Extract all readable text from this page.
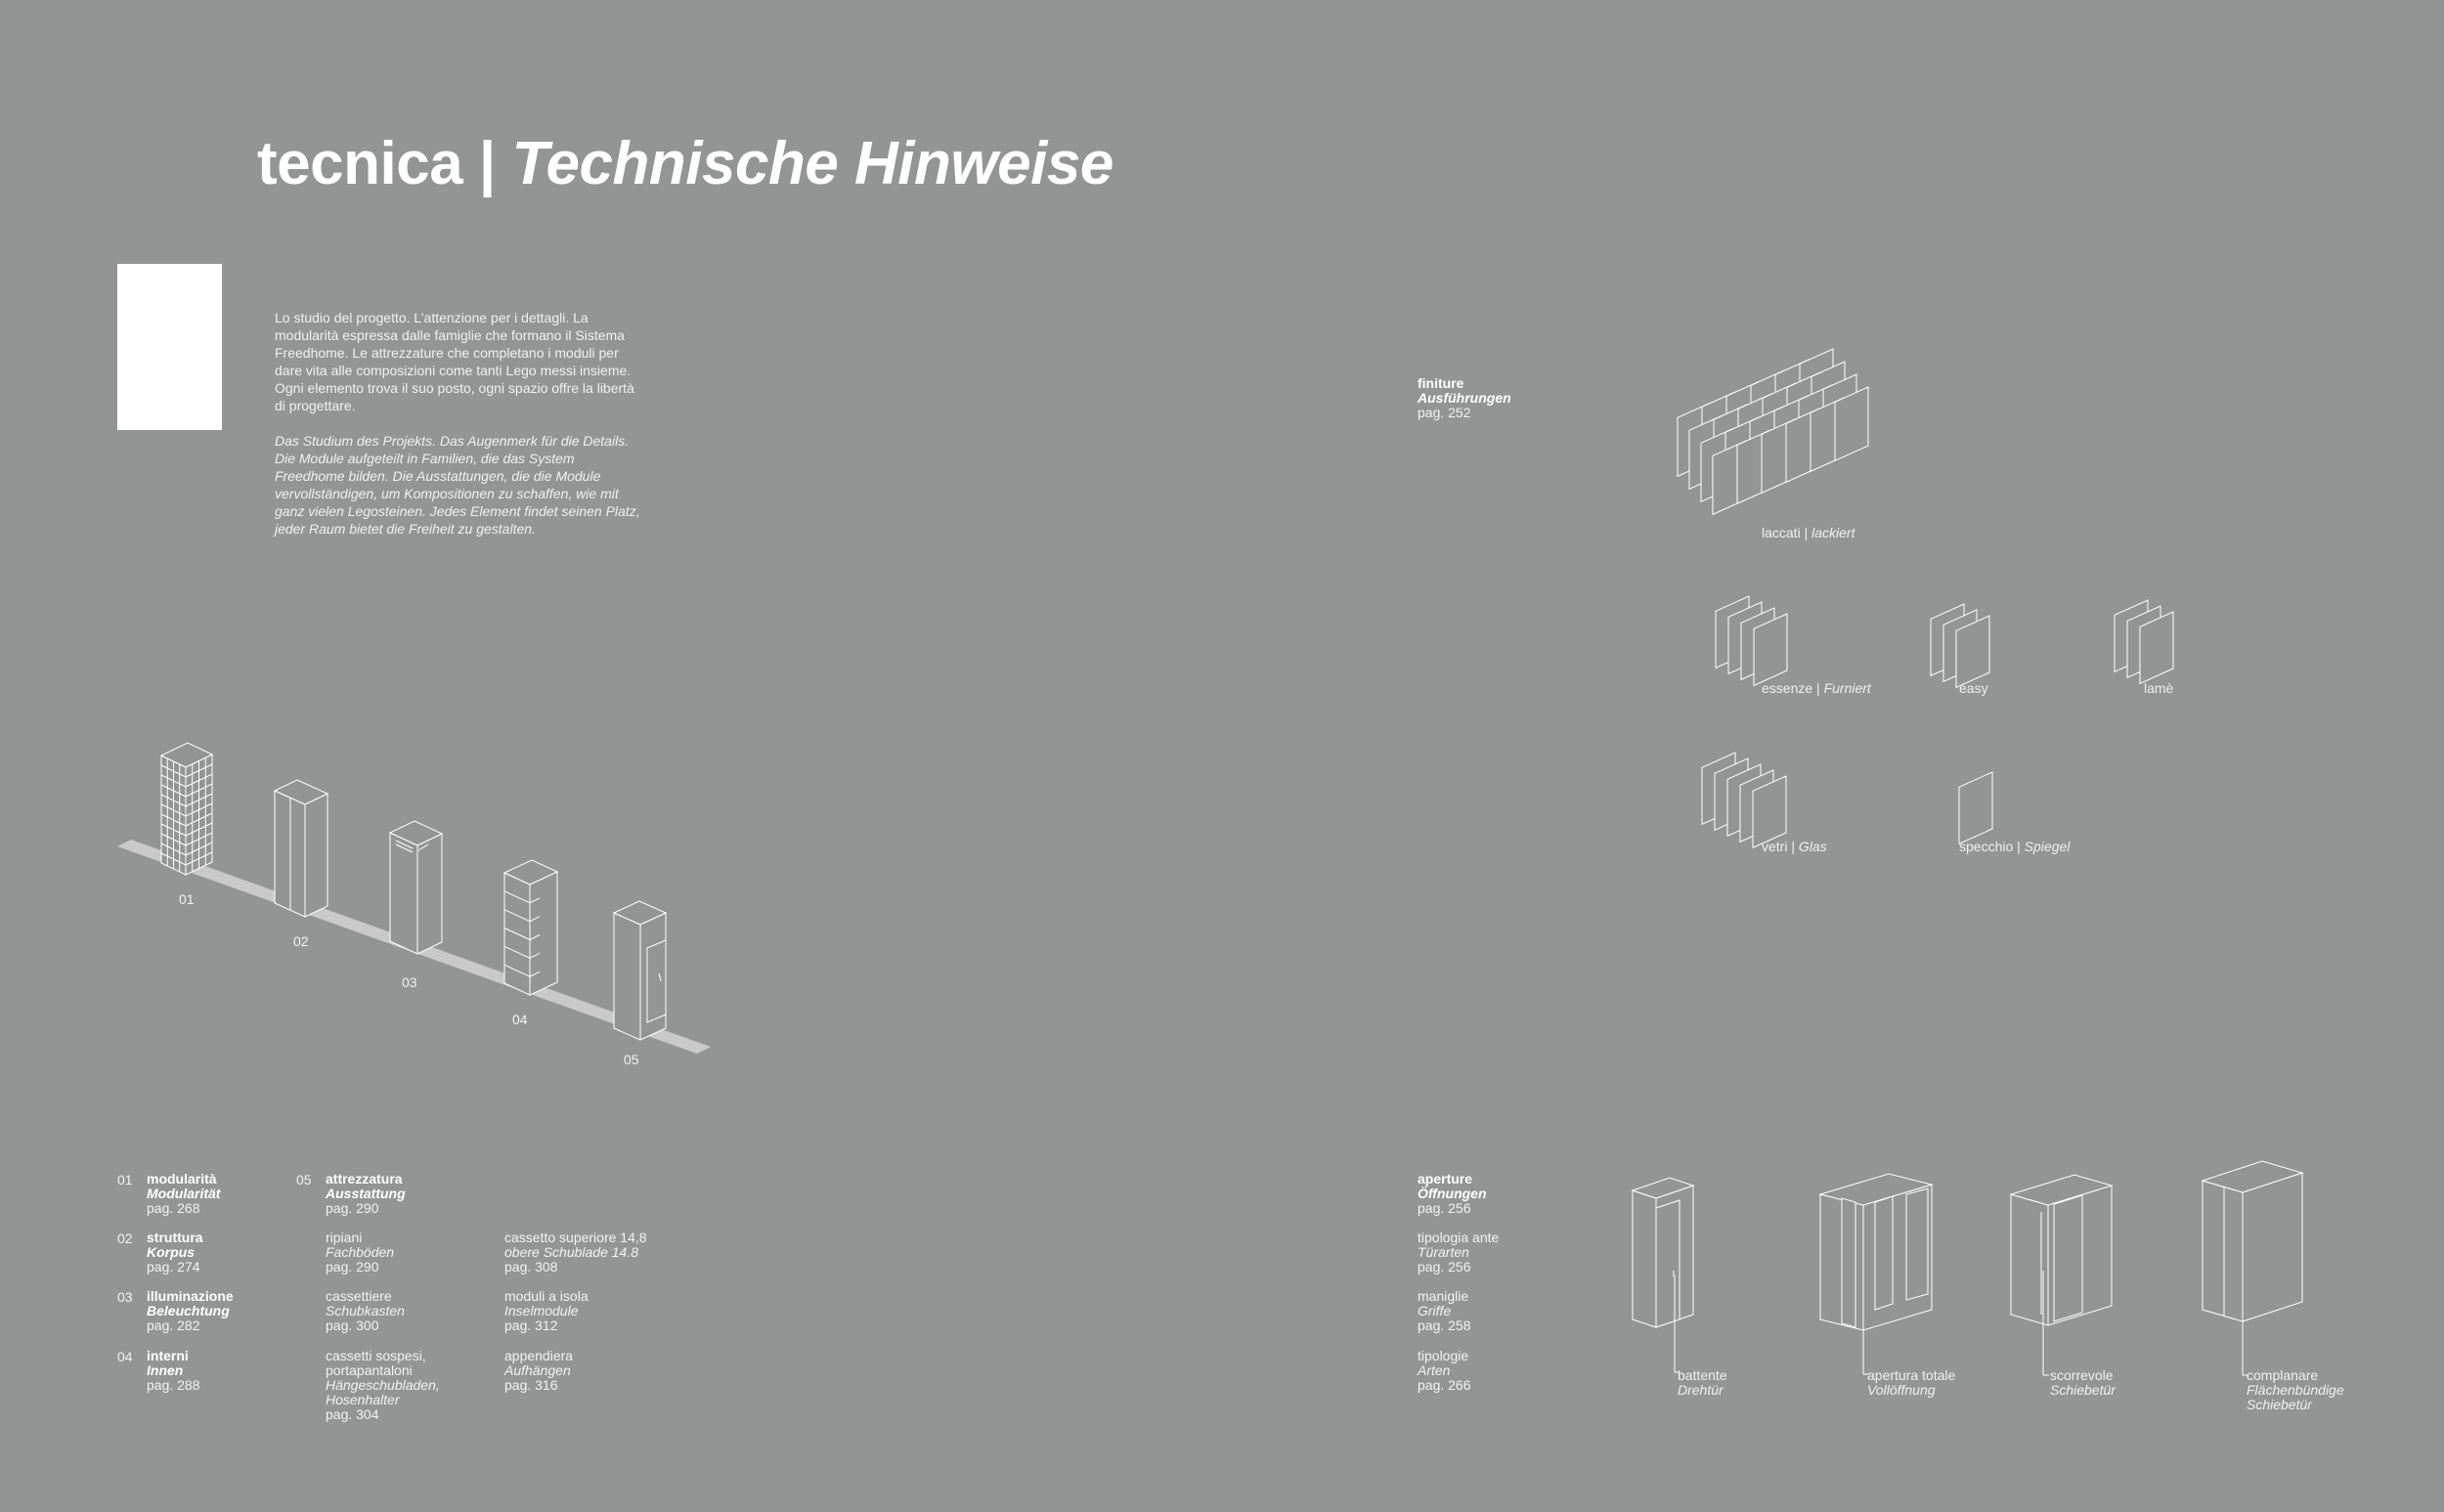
tecnica | Technische Hinweise

Lo studio del progetto. L’attenzione per i dettagli. La modularità espressa dalle famiglie che formano il Sistema Freedhome. Le attrezzature che completano i moduli per dare vita alle composizioni come tanti Lego messi insieme. Ogni elemento trova il suo posto, ogni spazio offre la libertà di progettare.

Das Studium des Projekts. Das Augenmerk für die Details. Die Module aufgeteilt in Familien, die das System Freedhome bilden. Die Ausstattungen, die die Module vervollständigen, um Kompositionen zu schaffen, wie mit ganz vielen Legosteinen. Jedes Element findet seinen Platz, jeder Raum bietet die Freiheit zu gestalten.

01
02
03
04
05
01 modularità
Modularität
pag. 268
02 struttura
Korpus
pag. 274
03 illuminazione
Beleuchtung
pag. 282
04 interni
Innen
pag. 288
05 attrezzatura
Ausstattung
pag. 290
ripiani
Fachböden
pag. 290
cassettiere
Schubkasten
pag. 300
cassetti sospesi, portapantaloni
Hängeschubladen, Hosenhalter
pag. 304
cassetto superiore 14,8
obere Schublade 14.8
pag. 308
moduli a isola
Inselmodule
pag. 312
appendiera
Aufhängen
pag. 316
finiture
Ausführungen
pag. 252
laccati | lackiert
essenze | Furniert	easy	lamè
vetri | Glas	specchio | Spiegel
aperture
Öffnungen
pag. 256
tipologia ante
Türarten
pag. 256
maniglie
Griffe
pag. 258
tipologie
Arten
pag. 266
battente
Drehtür
apertura totale
Vollöffnung
scorrevole
Schiebetür
complanare
Flächenbündige Schiebetür
